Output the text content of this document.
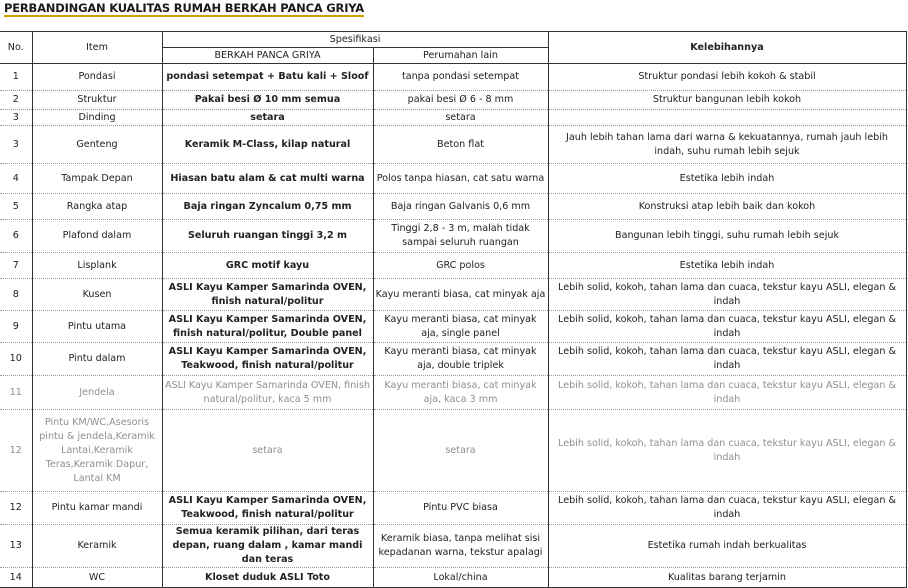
PERBANDINGAN KUALITAS RUMAH BERKAH PANCA GRIYA
No.	Item	Spesifikasi		Kelebihannya
		BERKAH PANCA GRIYA	Perumahan lain	
1	Pondasi	pondasi setempat + Batu kali + Sloof	tanpa pondasi setempat	Struktur pondasi lebih kokoh & stabil
2	Struktur	Pakai besi Ø 10 mm semua	pakai besi Ø 6 - 8 mm	Struktur bangunan lebih kokoh
3	Dinding	setara	setara	
3	Genteng	Keramik M-Class, kilap natural	Beton flat	Jauh lebih tahan lama dari warna & kekuatannya, rumah jauh lebih indah, suhu rumah lebih sejuk
4	Tampak Depan	Hiasan batu alam & cat multi warna	Polos tanpa hiasan, cat satu warna	Estetika lebih indah
5	Rangka atap	Baja ringan Zyncalum 0,75 mm	Baja ringan Galvanis 0,6 mm	Konstruksi atap lebih baik dan kokoh
6	Plafond dalam	Seluruh ruangan tinggi 3,2 m	Tinggi 2,8 - 3 m, malah tidak sampai seluruh ruangan	Bangunan lebih tinggi, suhu rumah lebih sejuk
7	Lisplank	GRC motif kayu	GRC polos	Estetika lebih indah
8	Kusen	ASLI Kayu Kamper Samarinda OVEN, finish natural/politur	Kayu meranti biasa, cat minyak aja	Lebih solid, kokoh, tahan lama dan cuaca, tekstur kayu ASLI, elegan & indah
9	Pintu utama	ASLI Kayu Kamper Samarinda OVEN, finish natural/politur, Double panel	Kayu meranti biasa, cat minyak aja, single panel	Lebih solid, kokoh, tahan lama dan cuaca, tekstur kayu ASLI, elegan & indah
10	Pintu dalam	ASLI Kayu Kamper Samarinda OVEN, Teakwood, finish natural/politur	Kayu meranti biasa, cat minyak aja, double triplek	Lebih solid, kokoh, tahan lama dan cuaca, tekstur kayu ASLI, elegan & indah
11	Jendela	ASLI Kayu Kamper Samarinda OVEN, finish natural/politur, kaca 5 mm	Kayu meranti biasa, cat minyak aja, kaca 3 mm	Lebih solid, kokoh, tahan lama dan cuaca, tekstur kayu ASLI, elegan & indah
12	Pintu KM/WC,Asesoris pintu & jendela,Keramik Lantai,Keramik Teras,Keramik Dapur, Lantai KM	setara	setara	Lebih solid, kokoh, tahan lama dan cuaca, tekstur kayu ASLI, elegan & indah
12	Pintu kamar mandi	ASLI Kayu Kamper Samarinda OVEN, Teakwood, finish natural/politur	Pintu PVC biasa	Lebih solid, kokoh, tahan lama dan cuaca, tekstur kayu ASLI, elegan & indah
13	Keramik	Semua keramik pilihan, dari teras depan, ruang dalam , kamar mandi dan teras	Keramik biasa, tanpa melihat sisi kepadanan warna, tekstur apalagi	Estetika rumah indah berkualitas
14	WC	Kloset duduk ASLI Toto	Lokal/china	Kualitas barang terjamin
